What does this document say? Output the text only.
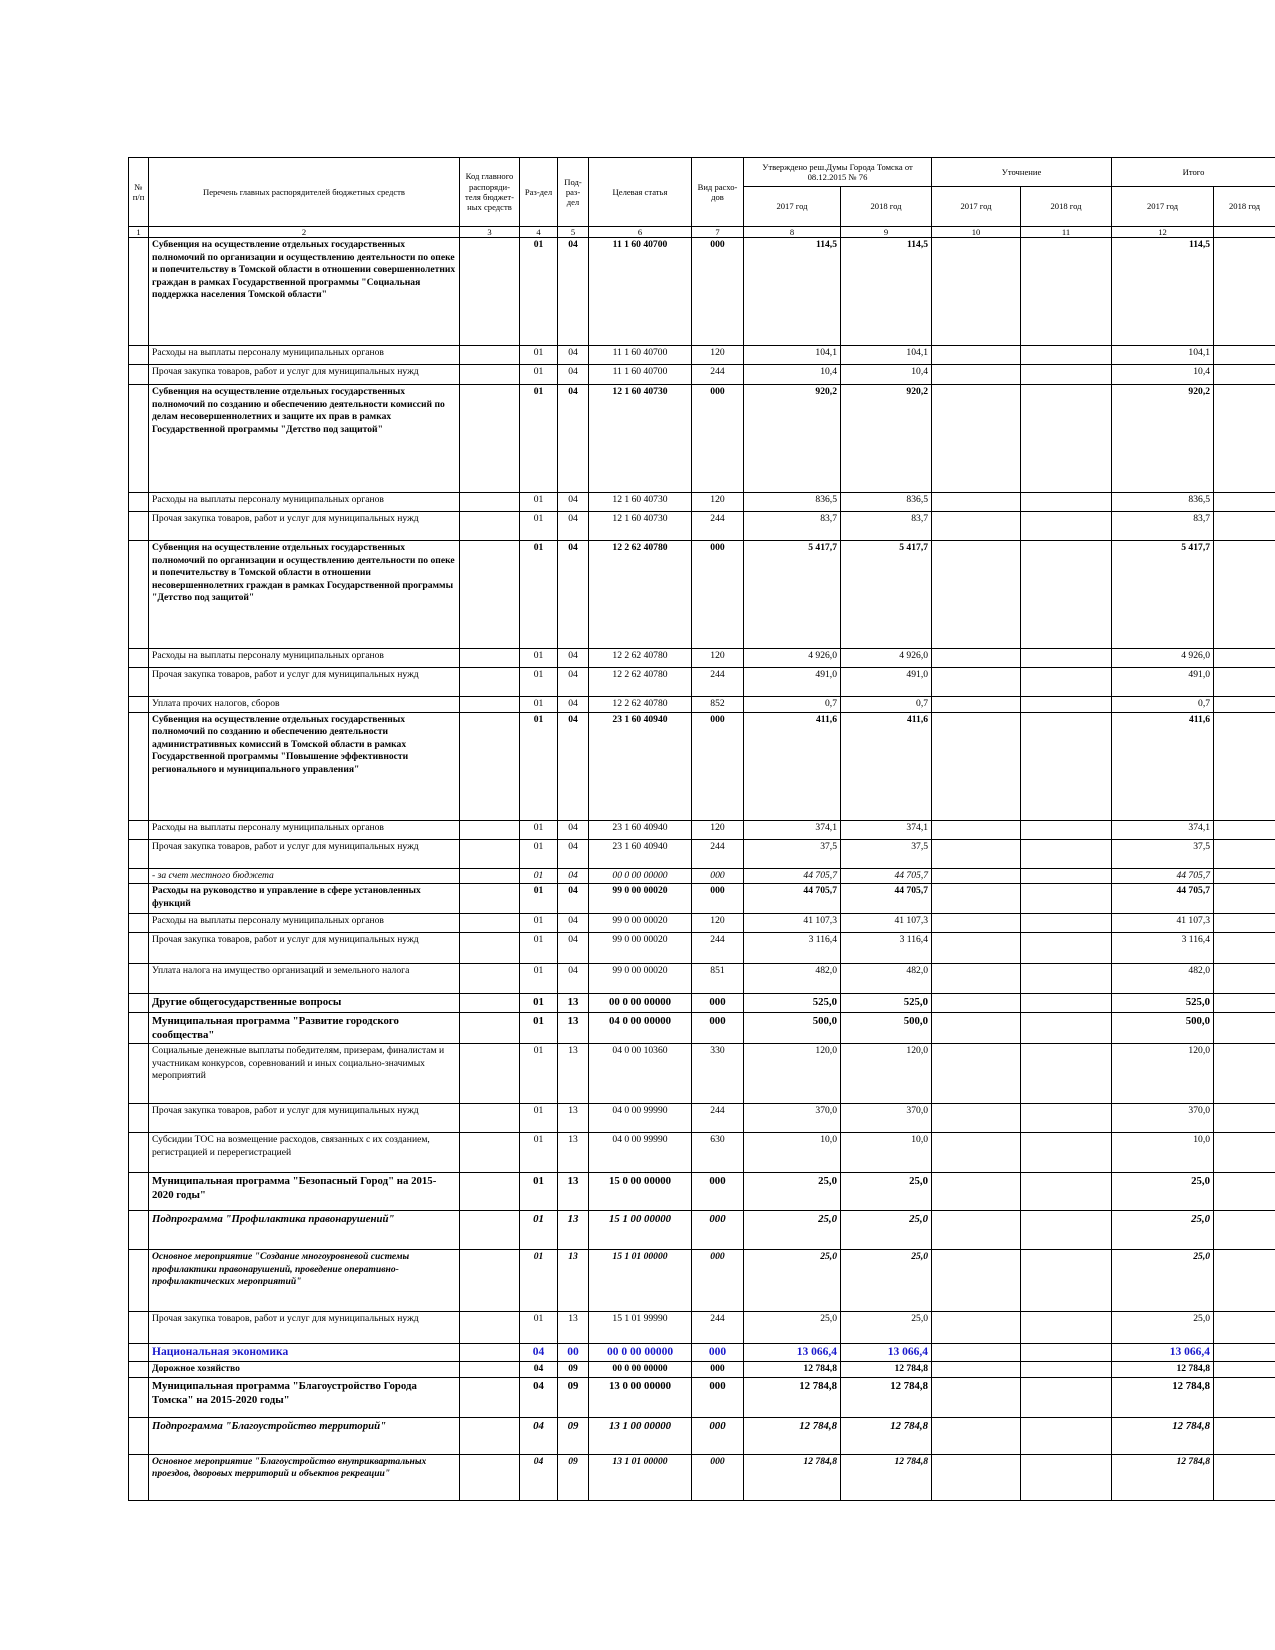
№ п/п	Перечень главных распорядителей бюджетных средств	Код главного распоряди-теля бюджет-ных средств	Раз-дел	Под-раз-дел	Целевая статья	Вид расхо-дов	Утверждено реш.Думы Города Томска от 08.12.2015 № 76		Уточнение		Итого	
							2017 год	2018 год	2017 год	2018 год	2017 год	2018 год
1	2	3	4	5	6	7	8	9	10	11	12	
	Субвенция на осуществление отдельных государственных полномочий по организации и осуществлению деятельности по опеке и попечительству в Томской области в отношении совершеннолетних граждан в рамках Государственной программы "Социальная поддержка населения Томской области"		01	04	11 1 60 40700	000	114,5	114,5			114,5	
	Расходы на выплаты персоналу муниципальных органов		01	04	11 1 60 40700	120	104,1	104,1			104,1	
	Прочая закупка товаров, работ и услуг для муниципальных нужд		01	04	11 1 60 40700	244	10,4	10,4			10,4	
	Субвенция на осуществление отдельных государственных полномочий по созданию и обеспечению деятельности комиссий по делам несовершеннолетних и защите их прав в рамках Государственной программы "Детство под защитой"		01	04	12 1 60 40730	000	920,2	920,2			920,2	
	Расходы на выплаты персоналу муниципальных органов		01	04	12 1 60 40730	120	836,5	836,5			836,5	
	Прочая закупка товаров, работ и услуг для муниципальных нужд		01	04	12 1 60 40730	244	83,7	83,7			83,7	
	Субвенция на осуществление отдельных государственных полномочий по организации и осуществлению деятельности по опеке и попечительству в Томской области в отношении несовершеннолетних граждан в рамках Государственной программы "Детство под защитой"		01	04	12 2 62 40780	000	5 417,7	5 417,7			5 417,7	
	Расходы на выплаты персоналу муниципальных органов		01	04	12 2 62 40780	120	4 926,0	4 926,0			4 926,0	
	Прочая закупка товаров, работ и услуг для муниципальных нужд		01	04	12 2 62 40780	244	491,0	491,0			491,0	
	Уплата прочих налогов, сборов		01	04	12 2 62 40780	852	0,7	0,7			0,7	
	Субвенция на осуществление отдельных государственных полномочий по созданию и обеспечению деятельности административных комиссий в Томской области в рамках Государственной программы "Повышение эффективности регионального и муниципального управления"		01	04	23 1 60 40940	000	411,6	411,6			411,6	
	Расходы на выплаты персоналу муниципальных органов		01	04	23 1 60 40940	120	374,1	374,1			374,1	
	Прочая закупка товаров, работ и услуг для муниципальных нужд		01	04	23 1 60 40940	244	37,5	37,5			37,5	
	- за счет местного бюджета		01	04	00 0 00 00000	000	44 705,7	44 705,7			44 705,7	
	Расходы на руководство и управление в сфере установленных функций		01	04	99 0 00 00020	000	44 705,7	44 705,7			44 705,7	
	Расходы на выплаты персоналу муниципальных органов		01	04	99 0 00 00020	120	41 107,3	41 107,3			41 107,3	
	Прочая закупка товаров, работ и услуг для муниципальных нужд		01	04	99 0 00 00020	244	3 116,4	3 116,4			3 116,4	
	Уплата налога на имущество организаций и земельного налога		01	04	99 0 00 00020	851	482,0	482,0			482,0	
	Другие общегосударственные вопросы		01	13	00 0 00 00000	000	525,0	525,0			525,0	
	Муниципальная программа "Развитие городского сообщества"		01	13	04 0 00 00000	000	500,0	500,0			500,0	
	Социальные денежные выплаты победителям, призерам, финалистам и участникам конкурсов, соревнований и иных социально-значимых мероприятий		01	13	04 0 00 10360	330	120,0	120,0			120,0	
	Прочая закупка товаров, работ и услуг для муниципальных нужд		01	13	04 0 00 99990	244	370,0	370,0			370,0	
	Субсидии ТОС на возмещение расходов, связанных с их созданием, регистрацией и перерегистрацией		01	13	04 0 00 99990	630	10,0	10,0			10,0	
	Муниципальная программа "Безопасный Город" на 2015-2020 годы"		01	13	15 0 00 00000	000	25,0	25,0			25,0	
	Подпрограмма "Профилактика правонарушений"		01	13	15 1 00 00000	000	25,0	25,0			25,0	
	Основное мероприятие "Создание многоуровневой системы профилактики правонарушений, проведение оперативно-профилактических мероприятий"		01	13	15 1 01 00000	000	25,0	25,0			25,0	
	Прочая закупка товаров, работ и услуг для муниципальных нужд		01	13	15 1 01 99990	244	25,0	25,0			25,0	
	Национальная экономика		04	00	00 0 00 00000	000	13 066,4	13 066,4			13 066,4	
	Дорожное хозяйство		04	09	00 0 00 00000	000	12 784,8	12 784,8			12 784,8	
	Муниципальная программа "Благоустройство Города Томска" на 2015-2020 годы"		04	09	13 0 00 00000	000	12 784,8	12 784,8			12 784,8	
	Подпрограмма "Благоустройство территорий"		04	09	13 1 00 00000	000	12 784,8	12 784,8			12 784,8	
	Основное мероприятие "Благоустройство внутриквартальных проездов, дворовых территорий и объектов рекреации"		04	09	13 1 01 00000	000	12 784,8	12 784,8			12 784,8	
